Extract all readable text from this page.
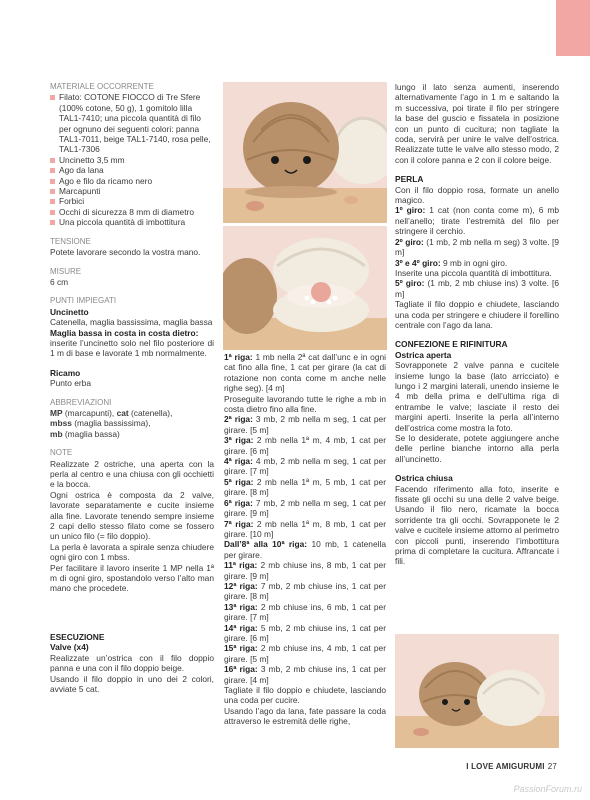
MATERIALE OCCORRENTE

Filato: COTONE FIOCCO di Tre Sfere (100% cotone, 50 g), 1 gomitolo lilla TAL1-7410; una piccola quantità di filo per ognuno dei seguenti colori: panna TAL1-7011, beige TAL1-7140, rosa pelle, TAL1-7306
Uncinetto 3,5 mm
Ago da lana
Ago e filo da ricamo nero
Marcapunti
Forbici
Occhi di sicurezza 8 mm di diametro
Una piccola quantità di imbottitura

TENSIONE

Potete lavorare secondo la vostra mano.

MISURE

6 cm

PUNTI IMPIEGATI

Uncinetto

Catenella, maglia bassissima, maglia bassa

Maglia bassa in costa in costa dietro:

inserite l’uncinetto solo nel filo posteriore di 1 m di base e lavorate 1 mb normalmente.

Ricamo

Punto erba

ABBREVIAZIONI

MP (marcapunti), cat (catenella),

mbss (maglia bassissima),

mb (maglia bassa)

NOTE

Realizzate 2 ostriche, una aperta con la perla al centro e una chiusa con gli occhietti e la bocca.

Ogni ostrica è composta da 2 valve, lavorate separatamente e cucite insieme alla fine. Lavorate tenendo sempre insieme 2 capi dello stesso filato come se fossero un unico filo (= filo doppio).

La perla è lavorata a spirale senza chiudere ogni giro con 1 mbss.

Per facilitare il lavoro inserite 1 MP nella 1ª m di ogni giro, spostandolo verso l’alto man mano che procedete.

ESECUZIONE

Valve (x4)

Realizzate un’ostrica con il filo doppio panna e una con il filo doppio beige.

Usando il filo doppio in uno dei 2 colori, avviate 5 cat.

1ª riga: 1 mb nella 2ª cat dall’unc e in ogni cat fino alla fine, 1 cat per girare (la cat di rotazione non conta come m anche nelle righe seg). [4 m]

Proseguite lavorando tutte le righe a mb in costa dietro fino alla fine.

2ª riga: 3 mb, 2 mb nella m seg, 1 cat per girare. [5 m]

3ª riga: 2 mb nella 1ª m, 4 mb, 1 cat per girare. [6 m]

4ª riga: 4 mb, 2 mb nella m seg, 1 cat per girare. [7 m]

5ª riga: 2 mb nella 1ª m, 5 mb, 1 cat per girare. [8 m]

6ª riga: 7 mb, 2 mb nella m seg, 1 cat per girare. [9 m]

7ª riga: 2 mb nella 1ª m, 8 mb, 1 cat per girare. [10 m]

Dall’8ª alla 10ª riga: 10 mb, 1 catenella per girare.

11ª riga: 2 mb chiuse ins, 8 mb, 1 cat per girare. [9 m]

12ª riga: 7 mb, 2 mb chiuse ins, 1 cat per girare. [8 m]

13ª riga: 2 mb chiuse ins, 6 mb, 1 cat per girare. [7 m]

14ª riga: 5 mb, 2 mb chiuse ins, 1 cat per girare. [6 m]

15ª riga: 2 mb chiuse ins, 4 mb, 1 cat per girare. [5 m]

16ª riga: 3 mb, 2 mb chiuse ins, 1 cat per girare. [4 m]

Tagliate il filo doppio e chiudete, lasciando una coda per cucire.

Usando l’ago da lana, fate passare la coda attraverso le estremità delle righe,

lungo il lato senza aumenti, inserendo alternativamente l’ago in 1 m e saltando la m successiva, poi tirate il filo per stringere la base del guscio e fissatela in posizione con un punto di cucitura; non tagliate la coda, servirà per unire le valve dell’ostrica. Realizzate tutte le valve allo stesso modo, 2 con il colore panna e 2 con il colore beige.

PERLA

Con il filo doppio rosa, formate un anello magico.

1º giro: 1 cat (non conta come m), 6 mb nell’anello; tirate l’estremità del filo per stringere il cerchio.

2º giro: (1 mb, 2 mb nella m seg) 3 volte. [9 m]

3º e 4º giro: 9 mb in ogni giro.

Inserite una piccola quantità di imbottitura.

5º giro: (1 mb, 2 mb chiuse ins) 3 volte. [6 m]

Tagliate il filo doppio e chiudete, lasciando una coda per stringere e chiudere il forellino centrale con l’ago da lana.

CONFEZIONE E RIFINITURA

Ostrica aperta

Sovrapponete 2 valve panna e cucitele insieme lungo la base (lato arricciato) e lungo i 2 margini laterali, unendo insieme le 4 mb della prima e dell’ultima riga di entrambe le valve; lasciate il resto dei margini aperti. Inserite la perla all’interno dell’ostrica come mostra la foto.

Se lo desiderate, potete aggiungere anche delle perline bianche intorno alla perla all’uncinetto.

Ostrica chiusa

Facendo riferimento alla foto, inserite e fissate gli occhi su una delle 2 valve beige. Usando il filo nero, ricamate la bocca sorridente tra gli occhi. Sovrapponete le 2 valve e cucitele insieme attorno al perimetro con piccoli punti, inserendo l’imbottitura prima di completare la cucitura. Affrancate i fili.

I LOVE AMIGURUMI 27
PassionForum.ru
